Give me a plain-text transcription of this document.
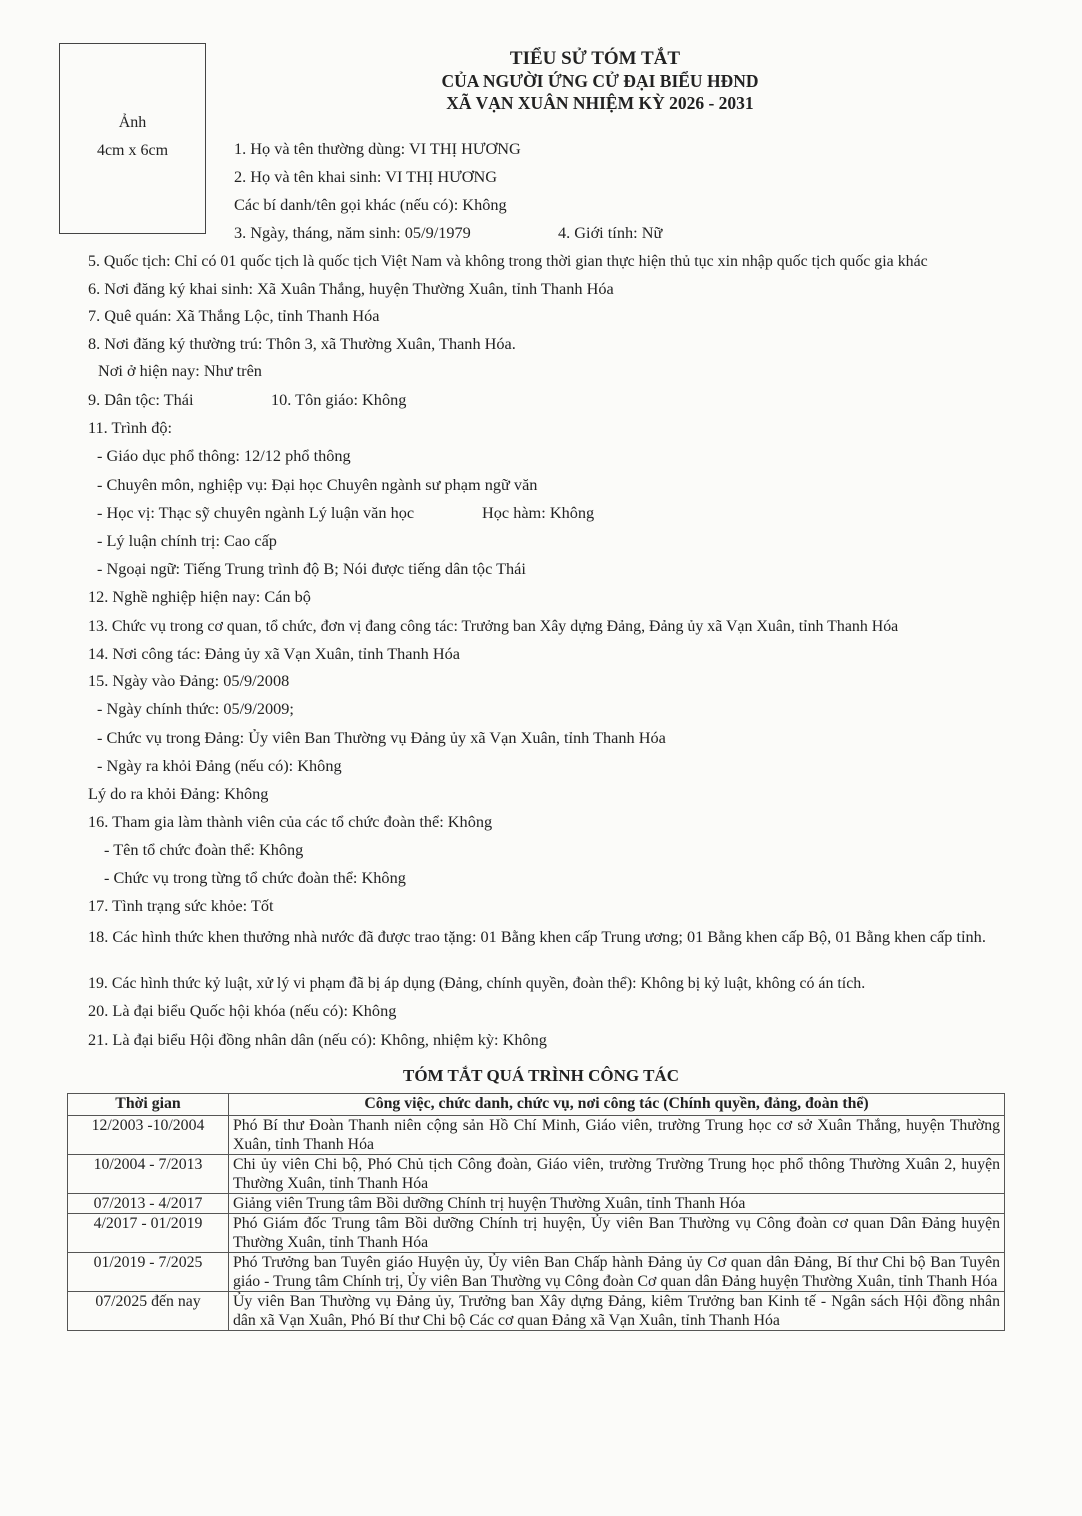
Ảnh
4cm x 6cm
TIỂU SỬ TÓM TẮT
CỦA NGƯỜI ỨNG CỬ ĐẠI BIỂU HĐND
XÃ VẠN XUÂN NHIỆM KỲ 2026 - 2031
1. Họ và tên thường dùng: VI THỊ HƯƠNG
2. Họ và tên khai sinh: VI THỊ HƯƠNG
Các bí danh/tên gọi khác (nếu có): Không
3. Ngày, tháng, năm sinh: 05/9/1979	4. Giới tính: Nữ
5. Quốc tịch: Chỉ có 01 quốc tịch là quốc tịch Việt Nam và không trong thời gian thực hiện thủ tục xin nhập quốc tịch quốc gia khác
6. Nơi đăng ký khai sinh: Xã Xuân Thắng, huyện Thường Xuân, tỉnh Thanh Hóa
7. Quê quán: Xã Thắng Lộc, tỉnh Thanh Hóa
8. Nơi đăng ký thường trú: Thôn 3, xã Thường Xuân, Thanh Hóa.
Nơi ở hiện nay: Như trên
9. Dân tộc: Thái	10. Tôn giáo: Không
11. Trình độ:
- Giáo dục phổ thông: 12/12 phổ thông
- Chuyên môn, nghiệp vụ: Đại học Chuyên ngành sư phạm ngữ văn
- Học vị: Thạc sỹ chuyên ngành Lý luận văn học	Học hàm: Không
- Lý luận chính trị: Cao cấp
- Ngoại ngữ: Tiếng Trung trình độ B; Nói được tiếng dân tộc Thái
12. Nghề nghiệp hiện nay: Cán bộ
13. Chức vụ trong cơ quan, tổ chức, đơn vị đang công tác: Trưởng ban Xây dựng Đảng, Đảng ủy xã Vạn Xuân, tỉnh Thanh Hóa
14. Nơi công tác: Đảng ủy xã Vạn Xuân, tỉnh Thanh Hóa
15. Ngày vào Đảng: 05/9/2008
- Ngày chính thức: 05/9/2009;
- Chức vụ trong Đảng: Ủy viên Ban Thường vụ Đảng ủy xã Vạn Xuân, tỉnh Thanh Hóa
- Ngày ra khỏi Đảng (nếu có): Không
Lý do ra khỏi Đảng: Không
16. Tham gia làm thành viên của các tổ chức đoàn thể: Không
- Tên tổ chức đoàn thể: Không
- Chức vụ trong từng tổ chức đoàn thể: Không
17. Tình trạng sức khỏe: Tốt
18. Các hình thức khen thưởng nhà nước đã được trao tặng: 01 Bằng khen cấp Trung ương; 01 Bằng khen cấp Bộ, 01 Bằng khen cấp tỉnh.
19. Các hình thức kỷ luật, xử lý vi phạm đã bị áp dụng (Đảng, chính quyền, đoàn thể): Không bị kỷ luật, không có án tích.
20. Là đại biểu Quốc hội khóa (nếu có): Không
21. Là đại biểu Hội đồng nhân dân (nếu có): Không, nhiệm kỳ: Không
TÓM TẮT QUÁ TRÌNH CÔNG TÁC
Thời gian	Công việc, chức danh, chức vụ, nơi công tác (Chính quyền, đảng, đoàn thể)
12/2003 -10/2004	Phó Bí thư Đoàn Thanh niên cộng sản Hồ Chí Minh, Giáo viên, trường Trung học cơ sở Xuân Thắng, huyện Thường Xuân, tỉnh Thanh Hóa
10/2004 - 7/2013	Chi ủy viên Chi bộ, Phó Chủ tịch Công đoàn, Giáo viên, trường Trường Trung học phổ thông Thường Xuân 2, huyện Thường Xuân, tỉnh Thanh Hóa
07/2013 - 4/2017	Giảng viên Trung tâm Bồi dưỡng Chính trị huyện Thường Xuân, tỉnh Thanh Hóa
4/2017 - 01/2019	Phó Giám đốc Trung tâm Bồi dưỡng Chính trị huyện, Ủy viên Ban Thường vụ Công đoàn cơ quan Dân Đảng huyện Thường Xuân, tỉnh Thanh Hóa
01/2019 - 7/2025	Phó Trưởng ban Tuyên giáo Huyện ủy, Ủy viên Ban Chấp hành Đảng ủy Cơ quan dân Đảng, Bí thư Chi bộ Ban Tuyên giáo - Trung tâm Chính trị, Ủy viên Ban Thường vụ Công đoàn Cơ quan dân Đảng huyện Thường Xuân, tỉnh Thanh Hóa
07/2025 đến nay	Ủy viên Ban Thường vụ Đảng ủy, Trưởng ban Xây dựng Đảng, kiêm Trưởng ban Kinh tế - Ngân sách Hội đồng nhân dân xã Vạn Xuân, Phó Bí thư Chi bộ Các cơ quan Đảng xã Vạn Xuân, tỉnh Thanh Hóa
